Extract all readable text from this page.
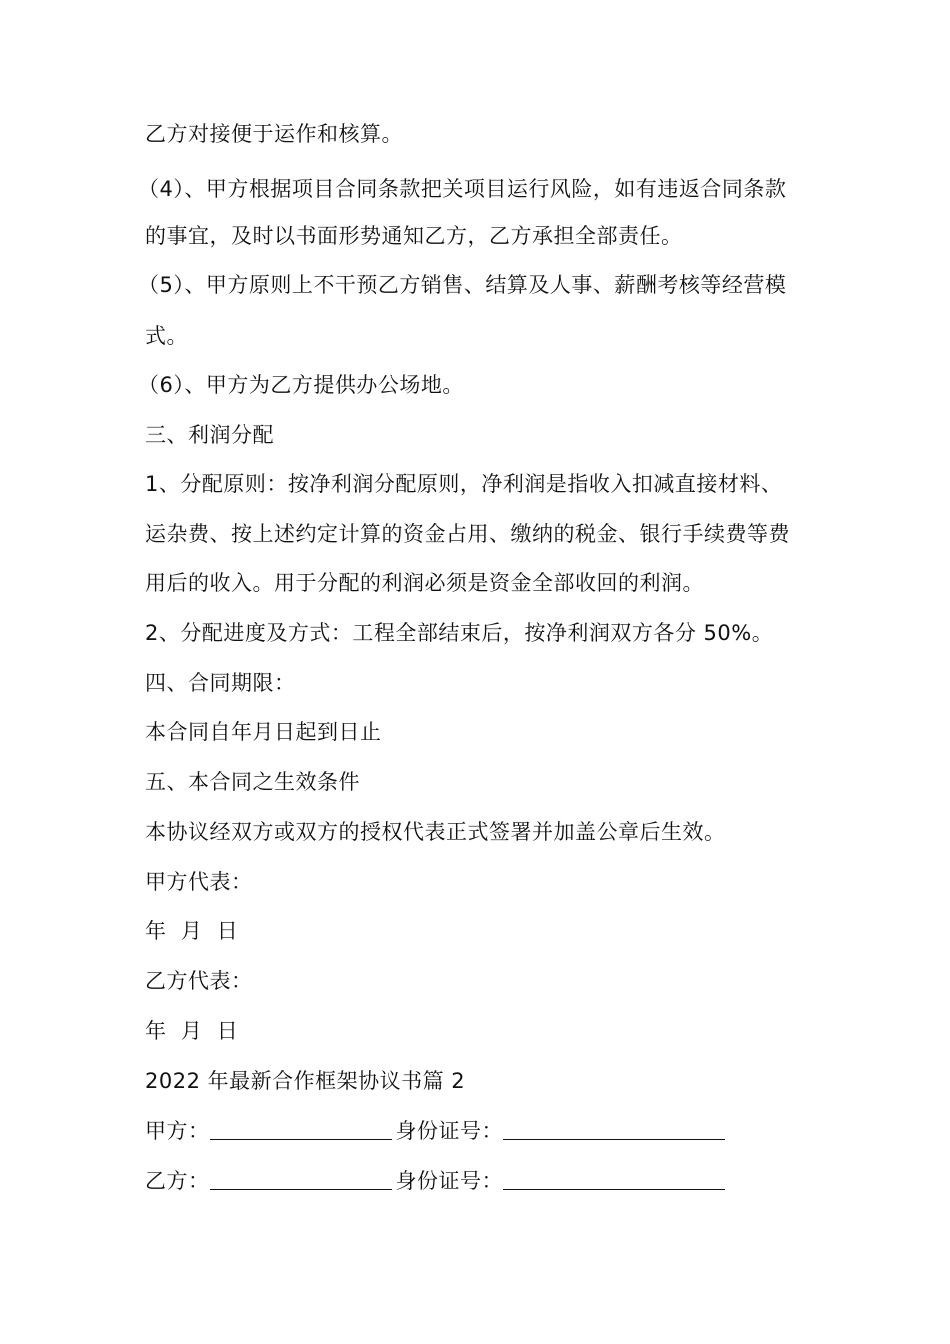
乙方对接便于运作和核算。
（4）、甲方根据项目合同条款把关项目运行风险，如有违返合同条款
的事宜，及时以书面形势通知乙方，乙方承担全部责任。
（5）、甲方原则上不干预乙方销售、结算及人事、薪酬考核等经营模
式。
（6）、甲方为乙方提供办公场地。
三、利润分配
1、分配原则：按净利润分配原则，净利润是指收入扣减直接材料、
运杂费、按上述约定计算的资金占用、缴纳的税金、银行手续费等费
用后的收入。用于分配的利润必须是资金全部收回的利润。
2、分配进度及方式：工程全部结束后，按净利润双方各分 50%。
四、合同期限：
本合同自年月日起到日止
五、本合同之生效条件
本协议经双方或双方的授权代表正式签署并加盖公章后生效。
甲方代表：
年  月  日
乙方代表：
年  月  日
2022 年最新合作框架协议书篇 2
甲方：	身份证号：
乙方：	身份证号：
